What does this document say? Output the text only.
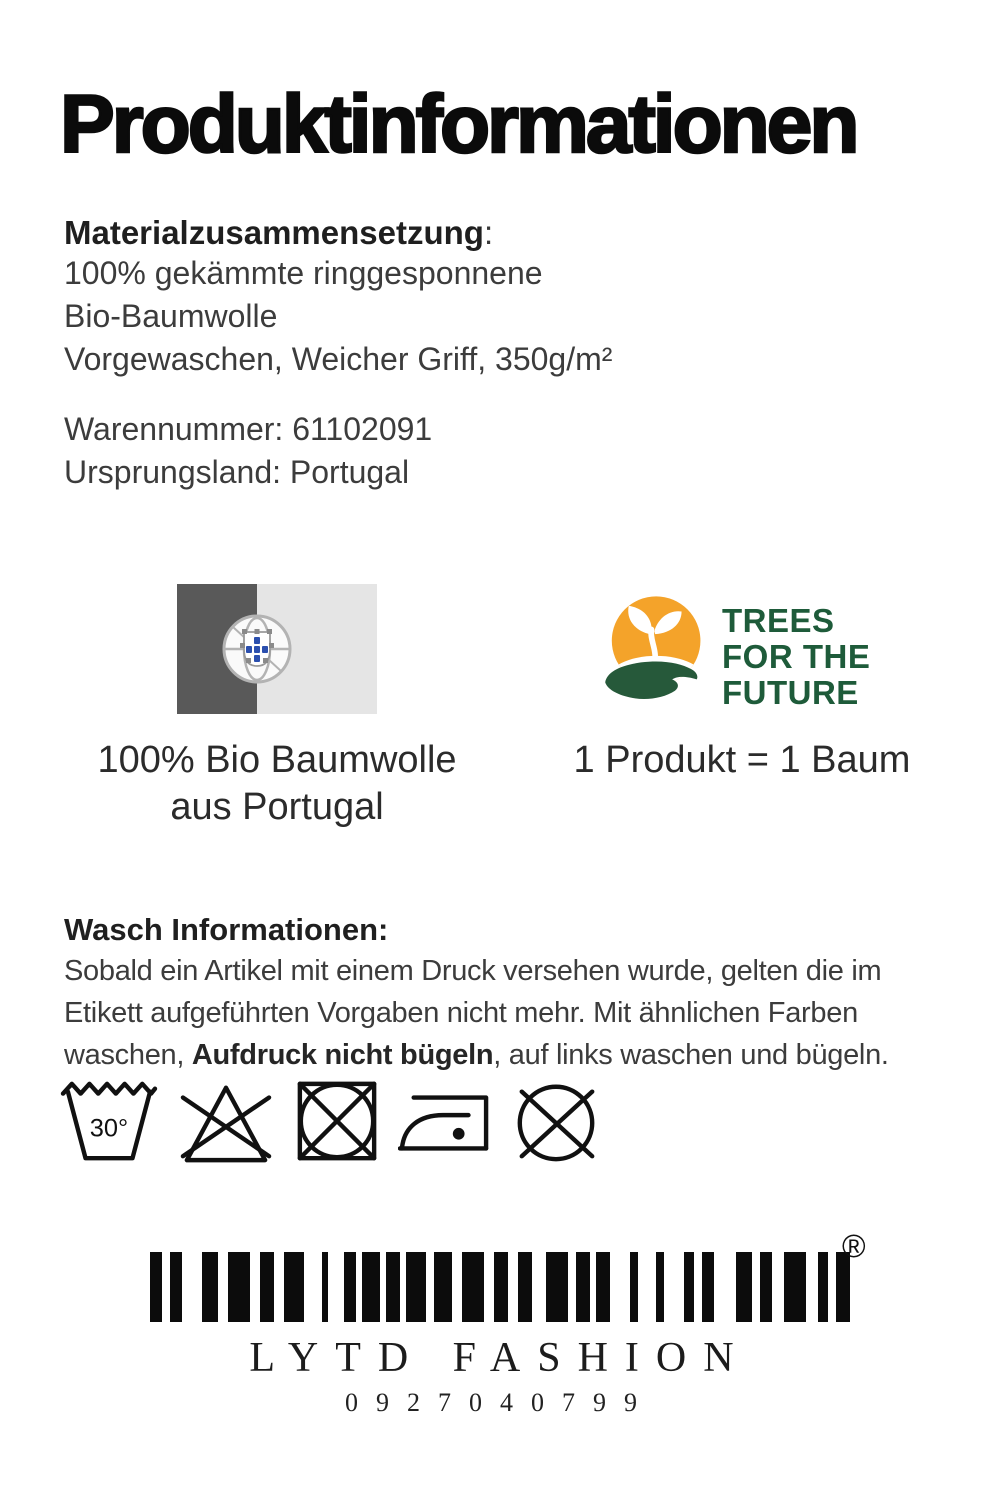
Produktinformationen
Materialzusammensetzung:
100% gekämmte ringgesponnene
Bio-Baumwolle
Vorgewaschen, Weicher Griff, 350g/m²
Warennummer: 61102091
Ursprungsland: Portugal
TREES
FOR THE
FUTURE
100% Bio Baumwolle
aus Portugal
1 Produkt = 1 Baum
Wasch Informationen:
Sobald ein Artikel mit einem Druck versehen wurde, gelten die im
Etikett aufgeführten Vorgaben nicht mehr. Mit ähnlichen Farben
waschen, Aufdruck nicht bügeln, auf links waschen und bügeln.
30°
®
LYTD FASHION
0927040799
